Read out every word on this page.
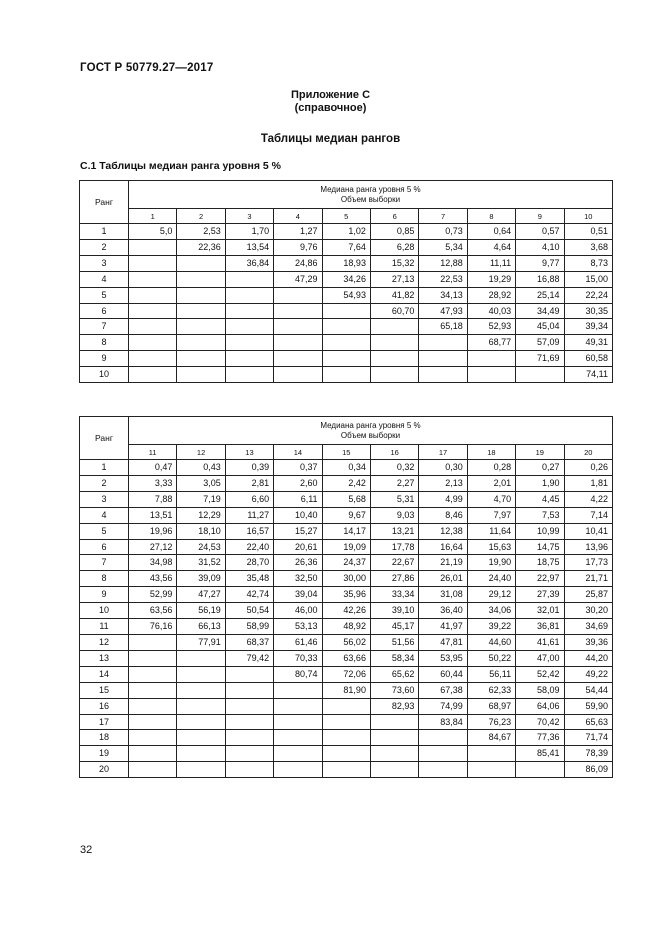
ГОСТ Р 50779.27—2017
Приложение С
(справочное)
Таблицы медиан рангов
С.1 Таблицы медиан ранга уровня 5 %
Ранг	Медиана ранга уровня 5 %
Объем выборки									

	1	2	3	4	5	6	7	8	9	10
1	5,0	2,53	1,70	1,27	1,02	0,85	0,73	0,64	0,57	0,51
2		22,36	13,54	9,76	7,64	6,28	5,34	4,64	4,10	3,68
3			36,84	24,86	18,93	15,32	12,88	11,11	9,77	8,73
4				47,29	34,26	27,13	22,53	19,29	16,88	15,00
5					54,93	41,82	34,13	28,92	25,14	22,24
6						60,70	47,93	40,03	34,49	30,35
7							65,18	52,93	45,04	39,34
8								68,77	57,09	49,31
9									71,69	60,58
10										74,11
Ранг	Медиана ранга уровня 5 %
Объем выборки									

	11	12	13	14	15	16	17	18	19	20
1	0,47	0,43	0,39	0,37	0,34	0,32	0,30	0,28	0,27	0,26
2	3,33	3,05	2,81	2,60	2,42	2,27	2,13	2,01	1,90	1,81
3	7,88	7,19	6,60	6,11	5,68	5,31	4,99	4,70	4,45	4,22
4	13,51	12,29	11,27	10,40	9,67	9,03	8,46	7,97	7,53	7,14
5	19,96	18,10	16,57	15,27	14,17	13,21	12,38	11,64	10,99	10,41
6	27,12	24,53	22,40	20,61	19,09	17,78	16,64	15,63	14,75	13,96
7	34,98	31,52	28,70	26,36	24,37	22,67	21,19	19,90	18,75	17,73
8	43,56	39,09	35,48	32,50	30,00	27,86	26,01	24,40	22,97	21,71
9	52,99	47,27	42,74	39,04	35,96	33,34	31,08	29,12	27,39	25,87
10	63,56	56,19	50,54	46,00	42,26	39,10	36,40	34,06	32,01	30,20
11	76,16	66,13	58,99	53,13	48,92	45,17	41,97	39,22	36,81	34,69
12		77,91	68,37	61,46	56,02	51,56	47,81	44,60	41,61	39,36
13			79,42	70,33	63,66	58,34	53,95	50,22	47,00	44,20
14				80,74	72,06	65,62	60,44	56,11	52,42	49,22
15					81,90	73,60	67,38	62,33	58,09	54,44
16						82,93	74,99	68,97	64,06	59,90
17							83,84	76,23	70,42	65,63
18								84,67	77,36	71,74
19									85,41	78,39
20										86,09
32
